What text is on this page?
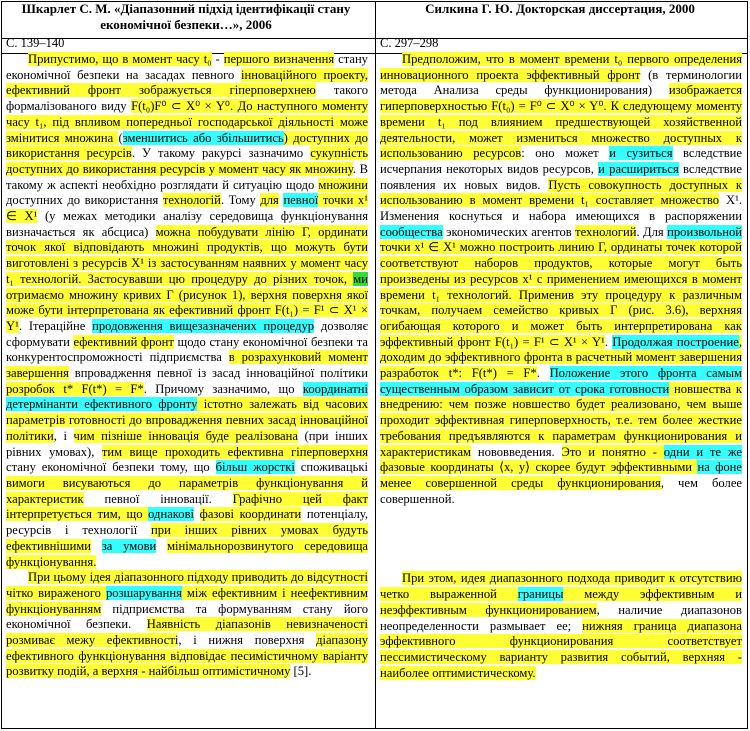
Шкарлет С. М. «Діапазонний підхід ідентифікації стану економічної безпеки…», 2006
Силкина Г. Ю. Докторская диссертация, 2000
С. 139–140	С. 297–298

Припустимо, що в момент часу t₀ - першого визначення стану економічної безпеки на засадах певного інноваційного проекту, ефективний фронт зображується гіперповерхнею такого формалізованого виду F(t₀)F⁰ ⊂ X⁰ × Y⁰. До наступного моменту часу t₁, під впливом попередньої господарської діяльності може змінитися множина (зменшитись або збільшитись) доступних до використання ресурсів. У такому ракурсі зазначимо сукупність доступних до використання ресурсів у момент часу як множину. В такому ж аспекті необхідно розглядати й ситуацію щодо множини доступних до використання технологій. Тому для певної точки x¹ ∈ X¹ (у межах методики аналізу середовища функціонування визначається як абсциса) можна побудувати лінію Γ, ординати точок якої відповідають множині продуктів, що можуть бути виготовлені з ресурсів X¹ із застосуванням наявних у момент часу t₁ технологій. Застосувавши цю процедуру до різних точок, ми отримаємо множину кривих Γ (рисунок 1), верхня поверхня якої може бути інтерпретована як ефективний фронт F(t₁) = F¹ ⊂ X¹ × Y¹. Ітераційне продовження вищезазначених процедур дозволяє сформувати ефективний фронт щодо стану економічної безпеки та конкурентоспроможності підприємства в розрахунковий момент завершення впровадження певної із засад інноваційної політики розробок t* F(t*) = F*. Причому зазначимо, що координатні детермінанти ефективного фронту істотно залежать від часових параметрів готовності до впровадження певних засад інноваційної політики, і чим пізніше інновація буде реалізована (при інших рівних умовах), тим вище проходить ефективна гіперповерхня стану економічної безпеки тому, що більш жорсткі споживацькі вимоги висуваються до параметрів функціонування й характеристик певної інновації. Графічно цей факт інтерпретується тим, що однакові фазові координати потенціалу, ресурсів і технології при інших рівних умовах будуть ефективнішими за умови мінімальнорозвинутого середовища функціонування.

При цьому ідея діапазонного підходу приводить до відсутності чітко вираженого розшарування між ефективним і неефективним функціонуванням підприємства та формуванням стану його економічної безпеки. Наявність діапазонів невизначеності розмиває межу ефективності, і нижня поверхня діапазону ефективного функціонування відповідає песимістичному варіанту розвитку подій, а верхня - найбільш оптимістичному [5].

Предположим, что в момент времени t₀ первого определения инновационного проекта эффективный фронт (в терминологии метода Анализа среды функционирования) изображается гиперповерхностью F(t₀) = F⁰ ⊂ X⁰ × Y⁰. К следующему моменту времени t₁ под влиянием предшествующей хозяйственной деятельности, может измениться множество доступных к использованию ресурсов: оно может и сузиться вследствие исчерпания некоторых видов ресурсов, и расшириться вследствие появления их новых видов. Пусть совокупность доступных к использованию в момент времени t₁ составляет множество X¹. Изменения коснуться и набора имеющихся в распоряжении сообщества экономических агентов технологий. Для произвольной точки x¹ ∈ X¹ можно построить линию Γ, ординаты точек которой соответствуют наборов продуктов, которые могут быть произведены из ресурсов x¹ с применением имеющихся в момент времени t₁ технологий. Применив эту процедуру к различным точкам, получаем семейство кривых Γ (рис. 3.6), верхняя огибающая которого и может быть интерпретирована как эффективный фронт F(t₁) = F¹ ⊂ X¹ × Y¹. Продолжая построение, доходим до эффективного фронта в расчетный момент завершения разработок t*: F(t*) = F*. Положение этого фронта самым существенным образом зависит от срока готовности новшества к внедрению: чем позже новшество будет реализовано, чем выше проходит эффективная гиперповерхность, т.е. тем более жесткие требования предъявляются к параметрам функционирования и характеристикам нововведения. Это и понятно - одни и те же фазовые координаты ⟨x, y⟩ скорее будут эффективными на фоне менее совершенной среды функционирования, чем более совершенной.

При этом, идея диапазонного подхода приводит к отсутствию четко выраженной границы между эффективным и неэффективным функционированием, наличие диапазонов неопределенности размывает ее; нижняя граница диапазона эффективного функционирования соответствует пессимистическому варианту развития событий, верхняя - наиболее оптимистическому.
